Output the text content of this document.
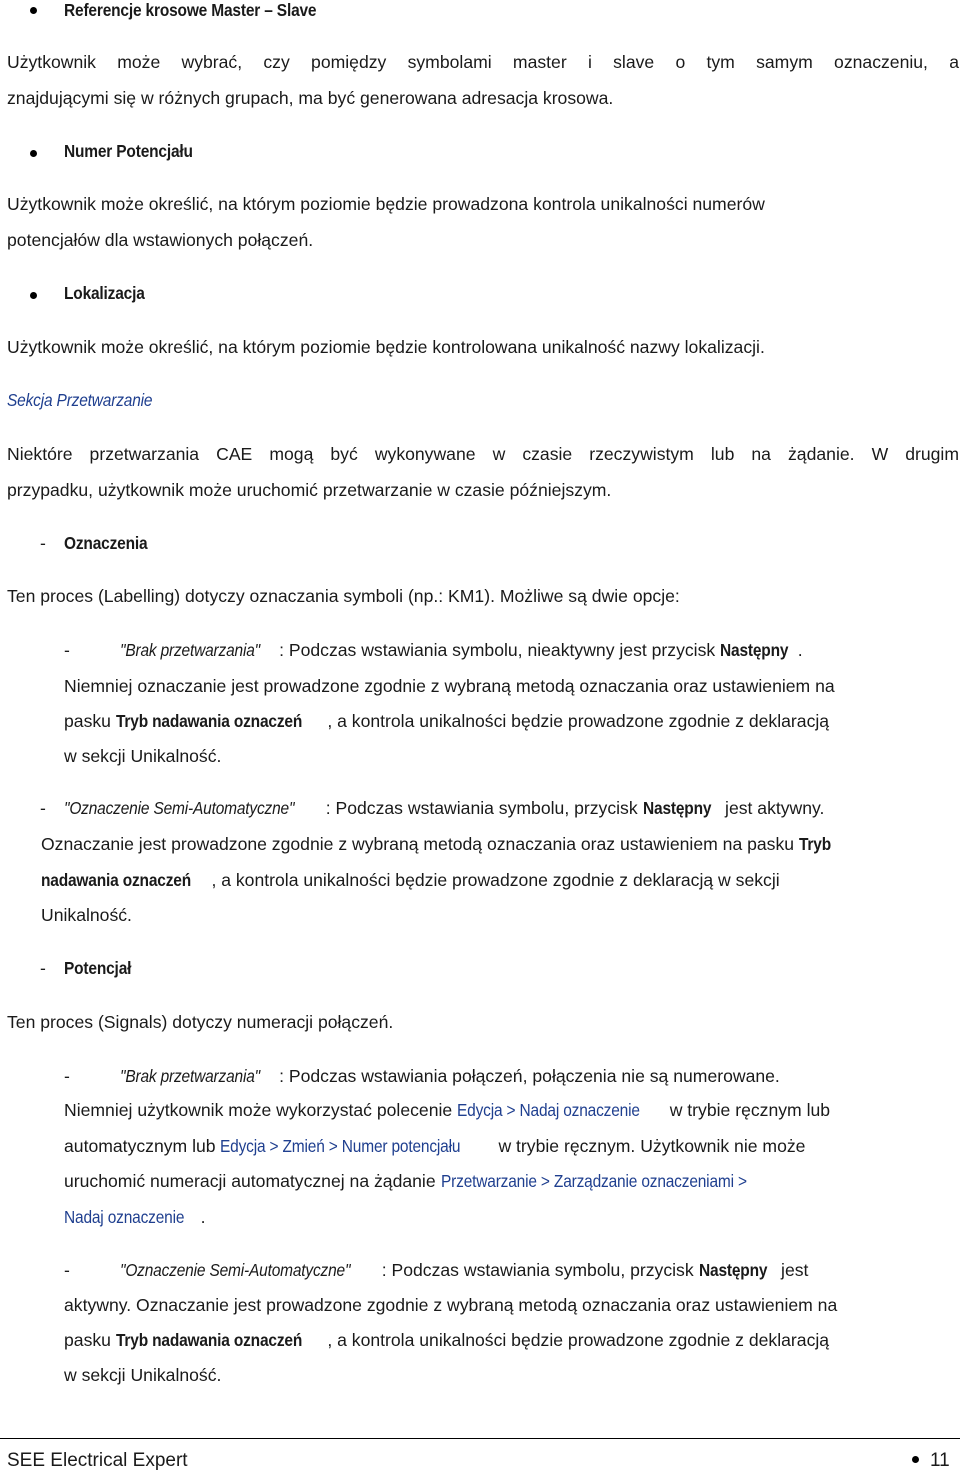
Referencje krosowe Master – Slave
Użytkownik może wybrać, czy pomiędzy symbolami master i slave o tym samym oznaczeniu, a
znajdującymi się w różnych grupach, ma być generowana adresacja krosowa.
Numer Potencjału
Użytkownik może określić, na którym poziomie będzie prowadzona kontrola unikalności numerów
potencjałów dla wstawionych połączeń.
Lokalizacja
Użytkownik może określić, na którym poziomie będzie kontrolowana unikalność nazwy lokalizacji.
Sekcja Przetwarzanie
Niektóre przetwarzania CAE mogą być wykonywane w czasie rzeczywistym lub na żądanie. W drugim
przypadku, użytkownik może uruchomić przetwarzanie w czasie późniejszym.
- Oznaczenia
Ten proces (Labelling) dotyczy oznaczania symboli (np.: KM1). Możliwe są dwie opcje:
-	"Brak przetwarzania" : Podczas wstawiania symbolu, nieaktywny jest przycisk Następny .
Niemniej oznaczanie jest prowadzone zgodnie z wybraną metodą oznaczania oraz ustawieniem na
pasku Tryb nadawania oznaczeń , a kontrola unikalności będzie prowadzone zgodnie z deklaracją
w sekcji Unikalność.
- "Oznaczenie Semi-Automatyczne" : Podczas wstawiania symbolu, przycisk Następny jest aktywny.
Oznaczanie jest prowadzone zgodnie z wybraną metodą oznaczania oraz ustawieniem na pasku Tryb
nadawania oznaczeń , a kontrola unikalności będzie prowadzone zgodnie z deklaracją w sekcji
Unikalność.
- Potencjał
Ten proces (Signals) dotyczy numeracji połączeń.
-	"Brak przetwarzania" : Podczas wstawiania połączeń, połączenia nie są numerowane.
Niemniej użytkownik może wykorzystać polecenie Edycja > Nadaj oznaczenie w trybie ręcznym lub
automatycznym lub Edycja > Zmień > Numer potencjału w trybie ręcznym. Użytkownik nie może
uruchomić numeracji automatycznej na żądanie Przetwarzanie > Zarządzanie oznaczeniami >
Nadaj oznaczenie .
-	"Oznaczenie Semi-Automatyczne" : Podczas wstawiania symbolu, przycisk Następny jest
aktywny. Oznaczanie jest prowadzone zgodnie z wybraną metodą oznaczania oraz ustawieniem na
pasku Tryb nadawania oznaczeń , a kontrola unikalności będzie prowadzone zgodnie z deklaracją
w sekcji Unikalność.
SEE Electrical Expert	11
